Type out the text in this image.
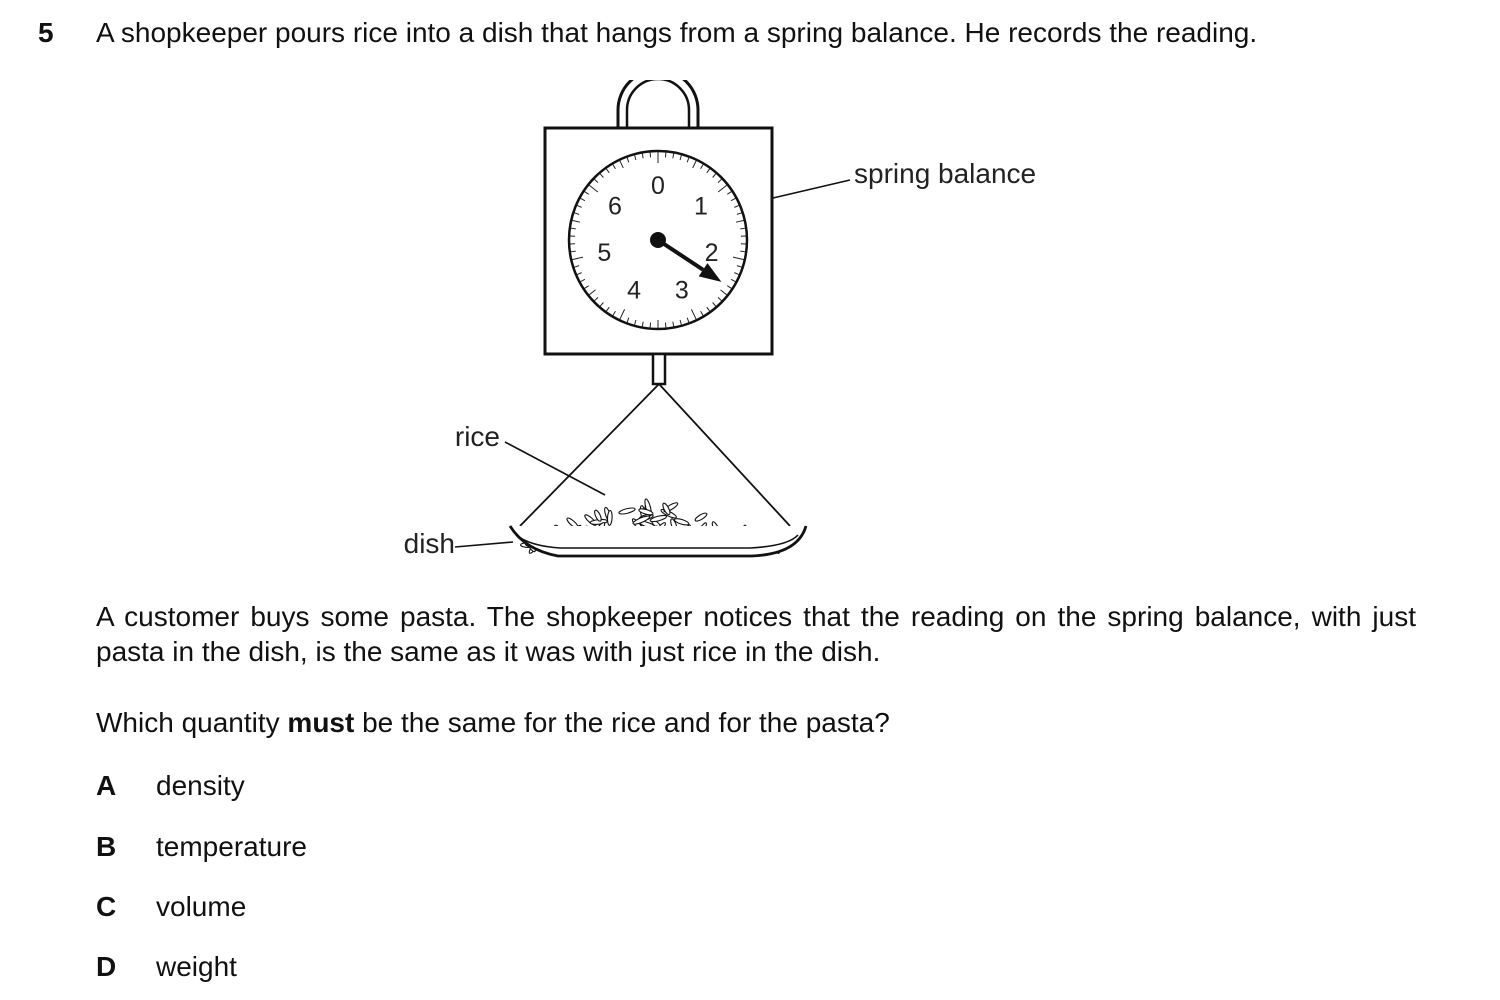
5 A shopkeeper pours rice into a dish that hangs from a spring balance. He records the reading.
0
1
2
3
4
5
6
spring balance
rice
dish
A customer buys some pasta. The shopkeeper notices that the reading on the spring balance, with just pasta in the dish, is the same as it was with just rice in the dish.
Which quantity must be the same for the rice and for the pasta?
A density
B temperature
C volume
D weight
